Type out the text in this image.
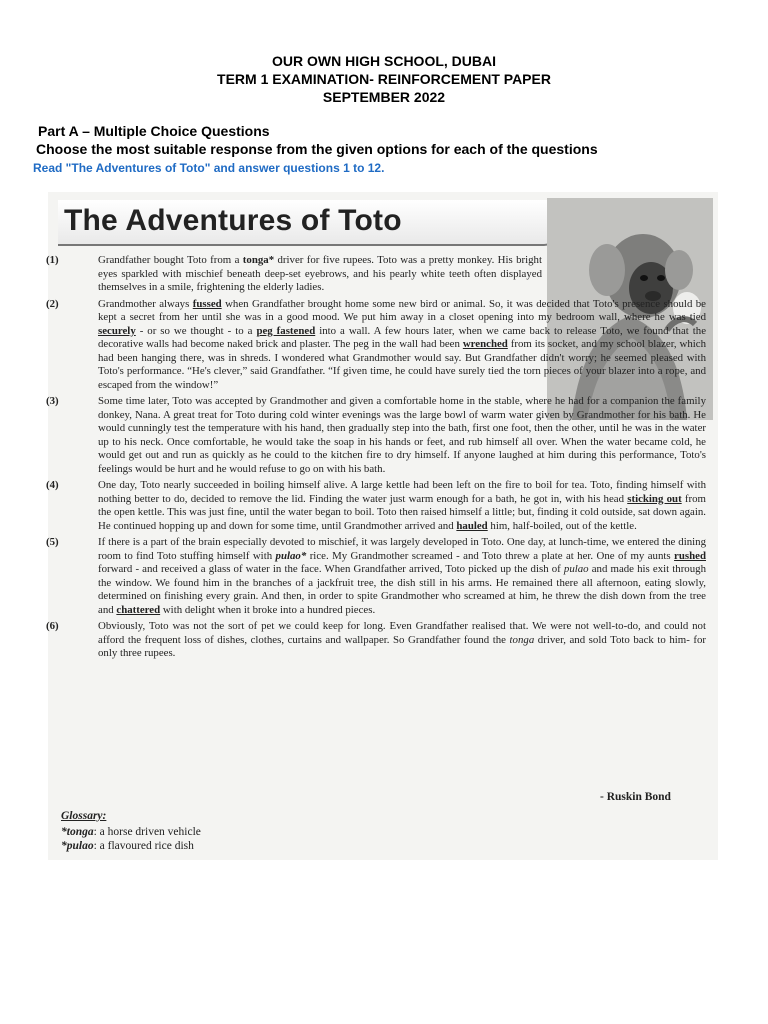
OUR OWN HIGH SCHOOL, DUBAI
TERM 1 EXAMINATION- REINFORCEMENT PAPER
SEPTEMBER 2022
Part A – Multiple Choice Questions
Choose the most suitable response from the given options for each of the questions
Read "The Adventures of Toto" and answer questions 1 to 12.
The Adventures of Toto

(1)	Grandfather bought Toto from a tonga* driver for five rupees. Toto was a pretty monkey. His bright eyes sparkled with mischief beneath deep-set eyebrows, and his pearly white teeth often displayed themselves in a smile, frightening the elderly ladies.

(2)	Grandmother always fussed when Grandfather brought home some new bird or animal. So, it was decided that Toto's presence should be kept a secret from her until she was in a good mood. We put him away in a closet opening into my bedroom wall, where he was tied securely - or so we thought - to a peg fastened into a wall. A few hours later, when we came back to release Toto, we found that the decorative walls had become naked brick and plaster. The peg in the wall had been wrenched from its socket, and my school blazer, which had been hanging there, was in shreds. I wondered what Grandmother would say. But Grandfather didn't worry; he seemed pleased with Toto's performance. “He's clever,” said Grandfather. “If given time, he could have surely tied the torn pieces of your blazer into a rope, and escaped from the window!”

(3)	Some time later, Toto was accepted by Grandmother and given a comfortable home in the stable, where he had for a companion the family donkey, Nana. A great treat for Toto during cold winter evenings was the large bowl of warm water given by Grandmother for his bath. He would cunningly test the temperature with his hand, then gradually step into the bath, first one foot, then the other, until he was in the water up to his neck. Once comfortable, he would take the soap in his hands or feet, and rub himself all over. When the water became cold, he would get out and run as quickly as he could to the kitchen fire to dry himself. If anyone laughed at him during this performance, Toto's feelings would be hurt and he would refuse to go on with his bath.

(4)	One day, Toto nearly succeeded in boiling himself alive. A large kettle had been left on the fire to boil for tea. Toto, finding himself with nothing better to do, decided to remove the lid. Finding the water just warm enough for a bath, he got in, with his head sticking out from the open kettle. This was just fine, until the water began to boil. Toto then raised himself a little; but, finding it cold outside, sat down again. He continued hopping up and down for some time, until Grandmother arrived and hauled him, half-boiled, out of the kettle.

(5)	If there is a part of the brain especially devoted to mischief, it was largely developed in Toto. One day, at lunch-time, we entered the dining room to find Toto stuffing himself with pulao* rice. My Grandmother screamed - and Toto threw a plate at her. One of my aunts rushed forward - and received a glass of water in the face. When Grandfather arrived, Toto picked up the dish of pulao and made his exit through the window. We found him in the branches of a jackfruit tree, the dish still in his arms. He remained there all afternoon, eating slowly, determined on finishing every grain. And then, in order to spite Grandmother who screamed at him, he threw the dish down from the tree and chattered with delight when it broke into a hundred pieces.

(6)	Obviously, Toto was not the sort of pet we could keep for long. Even Grandfather realised that. We were not well-to-do, and could not afford the frequent loss of dishes, clothes, curtains and wallpaper. So Grandfather found the tonga driver, and sold Toto back to him- for only three rupees.

- Ruskin Bond
Glossary:
*tonga: a horse driven vehicle
*pulao: a flavoured rice dish
